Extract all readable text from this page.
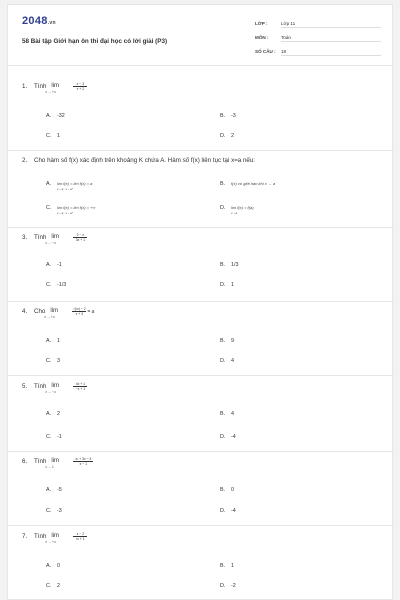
2048.vn
58 Bài tập Giới hạn ôn thi đại học có lời giải (P3)
LỚP :	Lớp 11
MÔN :	Toán
SỐ CÂU : 18
1. Tính lim
x → +∞	$\frac{x - 3}{x + 2}$
A. -32	B. -3
C. 1	D. 2
2. Cho hàm số f(x) xác định trên khoảng K chứa A. Hàm số f(x) liên tục tại x=a nếu:
A. lim f(x) = lim f(x) = a
x→a⁻ x→a⁺
B. f(x) có giới hạn khi x → a
C. lim f(x) = lim f(x) = +∞
x→a⁻ x→a⁺
D. lim f(x) = f(a)
x→a
3. Tính lim
x → −∞	$\frac{2 - x}{3x + 1}$
A. -1	B. 1/3
C. -1/3	D. 1
4. Cho lim
x → +∞	$\frac{\text{√(x²) − 2}}{x + 3} = a$
A. 1	B. 9
C. 3	D. 4
5. Tính lim
x → −∞	$\frac{4x + 1}{-x + 1}$
A. 2	B. 4
C. -1	D. -4
6. Tính lim
x → 1	$\frac{\text{x² + 3x − 4}}{x - 1}$
A. -5	B. 0
C. -3	D. -4
7. Tính lim
x → +∞	$\frac{x - 2}{\text{x² + 1}}$
A. 0	B. 1
C. 2	D. -2
